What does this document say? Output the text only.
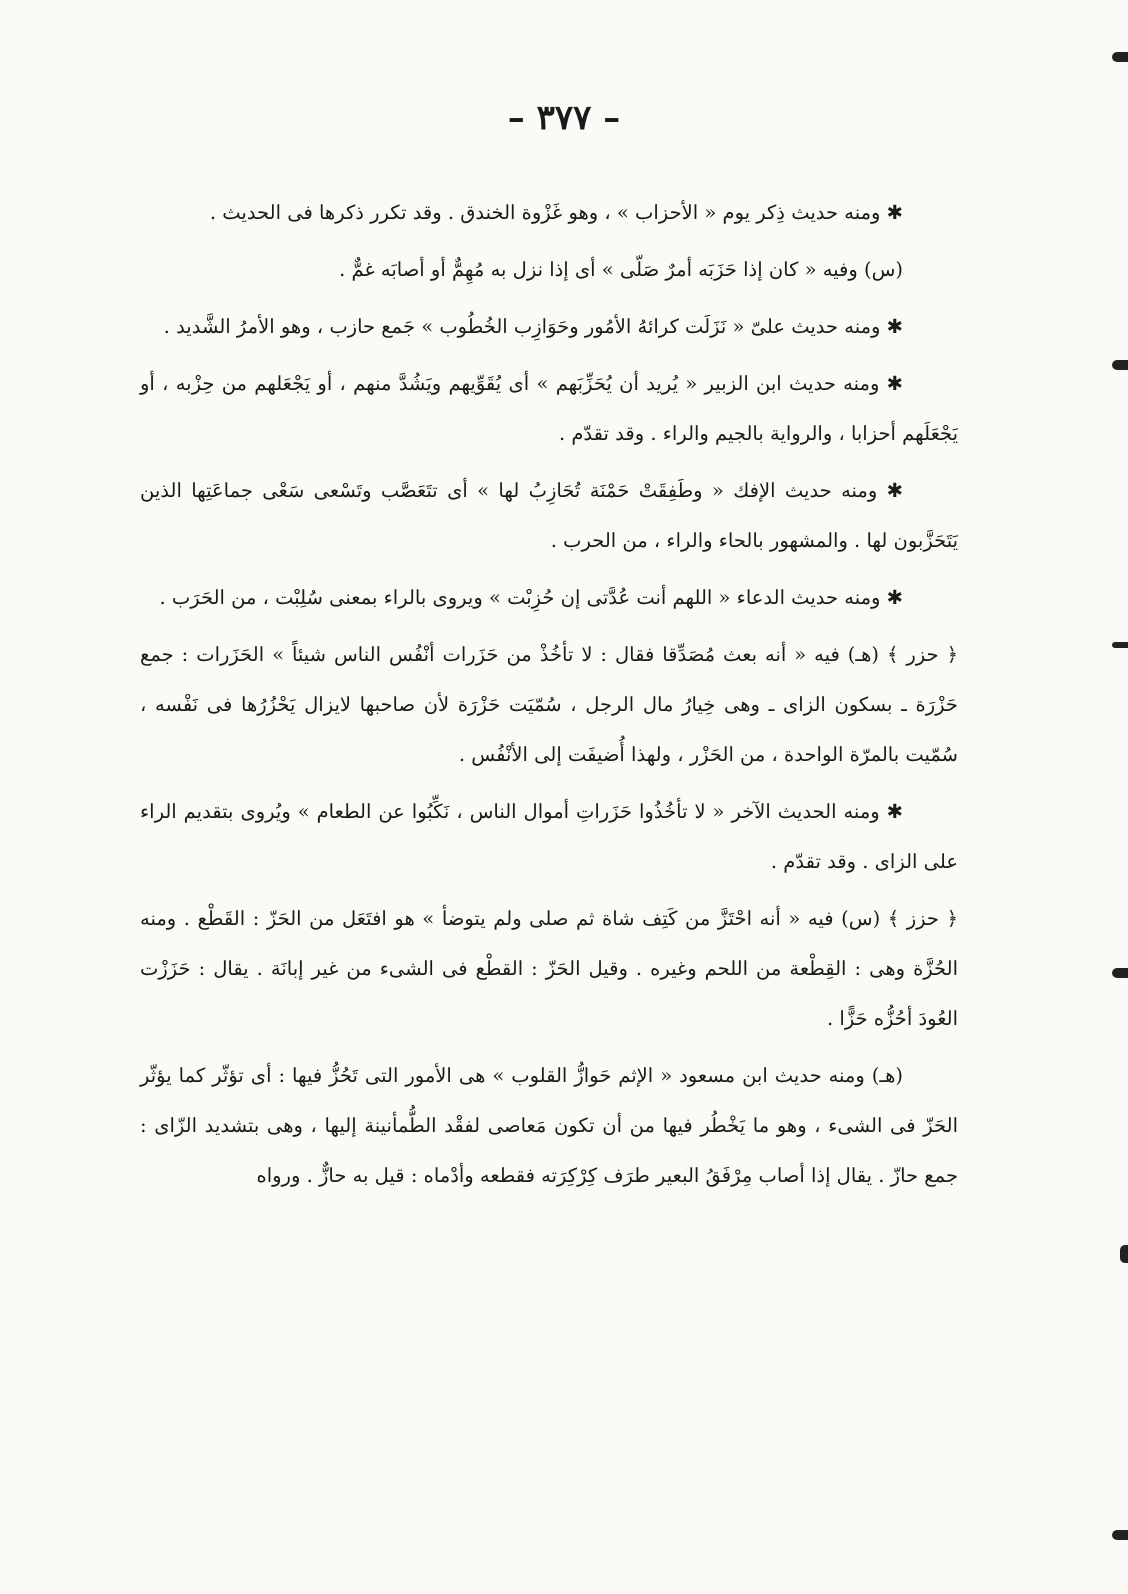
– ٣٧٧ –

✱ ومنه حديث ذِكر يوم « الأحزاب » ، وهو غَزْوة الخندق . وقد تكرر ذكرها فى الحديث .

(س) وفيه « كان إذا حَزَبَه أمرٌ صَلّى » أى إذا نزل به مُهِمٌّ أو أصابَه غمٌّ .

✱ ومنه حديث علىّ « نَزَلَت كرائهُ الأمُور وحَوَازِب الخُطُوب » جَمع حازب ، وهو الأمرُ الشَّديد .

✱ ومنه حديث ابن الزبير « يُريد أن يُحَزِّبَهم » أى يُقَوِّيهم ويَشُدَّ منهم ، أو يَجْعَلهم من حِزْبه ، أو يَجْعَلَهم أحزابا ، والرواية بالجيم والراء . وقد تقدّم .

✱ ومنه حديث الإفك « وطَفِقَتْ حَمْنَة تُحَازِبُ لها » أى تتَعَصَّب وتَسْعى سَعْى جماعَتِها الذين يَتَحَزَّبون لها . والمشهور بالحاء والراء ، من الحرب .

✱ ومنه حديث الدعاء « اللهم أنت عُدَّتى إن حُزِبْت » ويروى بالراء بمعنى سُلِبْت ، من الحَرَب .

﴿ حزر ﴾ (هـ) فيه « أنه بعث مُصَدِّقا فقال : لا تأخُذْ من حَزَرات أنْفُس الناس شيئاً » الحَزَرات : جمع حَزْرَة ـ بسكون الزاى ـ وهى خِيارُ مال الرجل ، سُمّيَت حَزْرَة لأن صاحبها لايزال يَحْزُرُها فى نَفْسه ، سُمّيت بالمرّة الواحدة ، من الحَزْر ، ولهذا أُضيفَت إلى الأنْفُس .

✱ ومنه الحديث الآخر « لا تأخُذُوا حَزَراتِ أموال الناس ، نَكِّبُوا عن الطعام » ويُروى بتقديم الراء على الزاى . وقد تقدّم .

﴿ حزز ﴾ (س) فيه « أنه احْتَزَّ من كَتِف شاة ثم صلى ولم يتوضأ » هو افتَعَل من الحَزّ : القَطْع . ومنه الحُزَّة وهى : القِطْعة من اللحم وغيره . وقيل الحَزّ : القطْع فى الشىء من غير إبانَة . يقال : حَزَزْت العُودَ أحُزُّه حَزًّا .

(هـ) ومنه حديث ابن مسعود « الإثم حَوازُّ القلوب » هى الأمور التى تَحُزُّ فيها : أى تؤثّر كما يؤثّر الحَزّ فى الشىء ، وهو ما يَخْطُر فيها من أن تكون مَعاصى لفقْد الطُّمأنينة إليها ، وهى بتشديد الزّاى : جمع حازّ . يقال إذا أصاب مِرْفَقُ البعير طرَف كِرْكِرَته فقطعه وأدْماه : قيل به حازٌّ . ورواه
